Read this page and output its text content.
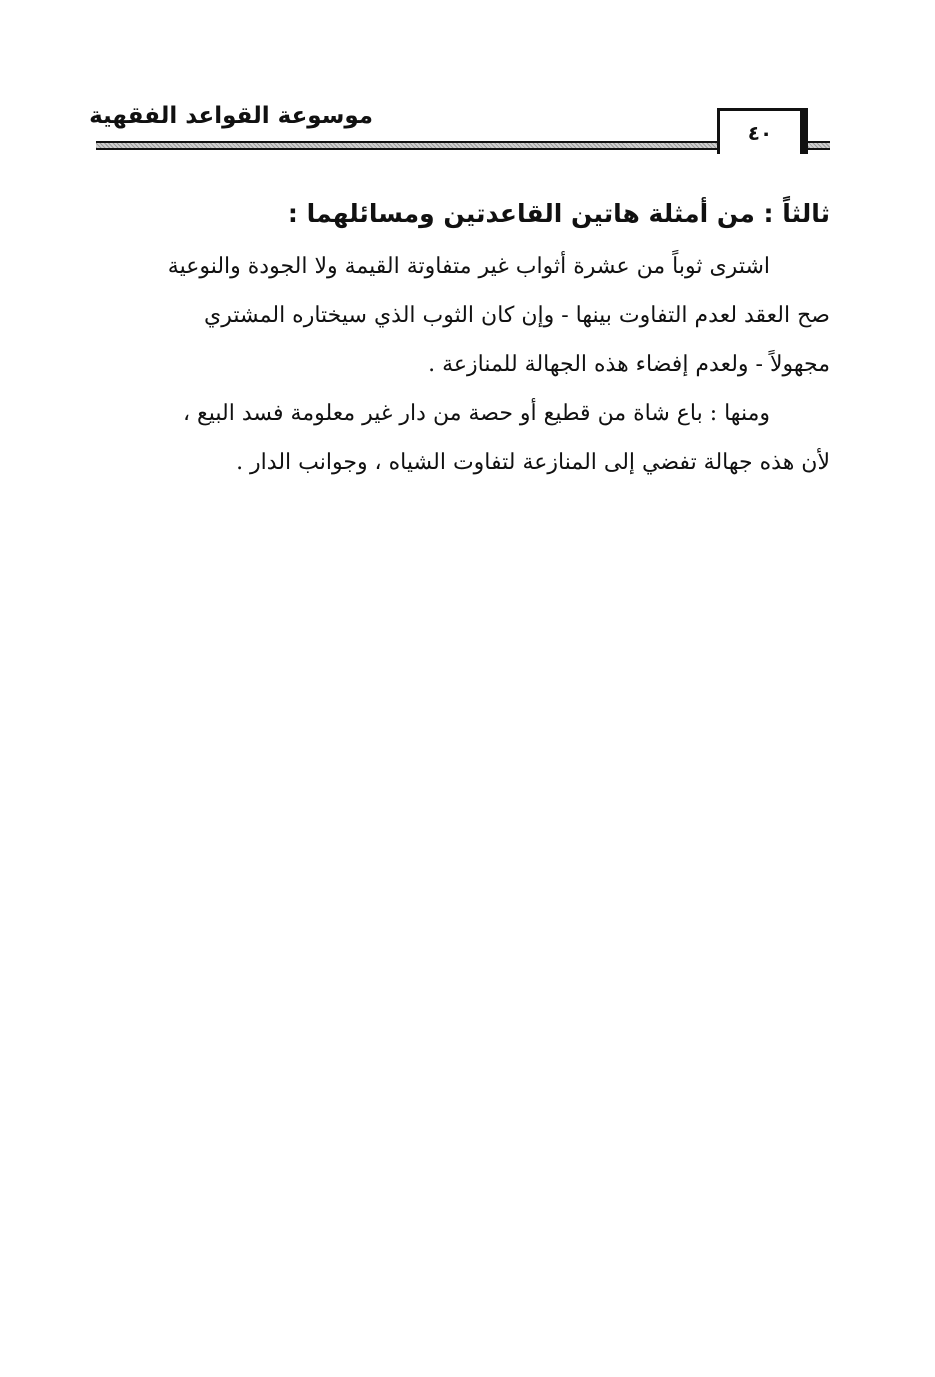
موسوعة القواعد الفقهية
٤٠
ثالثاً : من أمثلة هاتين القاعدتين ومسائلهما :

اشترى ثوباً من عشرة أثواب غير متفاوتة القيمة ولا الجودة والنوعية
صح العقد لعدم التفاوت بينها - وإن كان الثوب الذي سيختاره المشتري
مجهولاً - ولعدم إفضاء هذه الجهالة للمنازعة .

ومنها : باع شاة من قطيع أو حصة من دار غير معلومة فسد البيع ،
لأن هذه جهالة تفضي إلى المنازعة لتفاوت الشياه ، وجوانب الدار .
